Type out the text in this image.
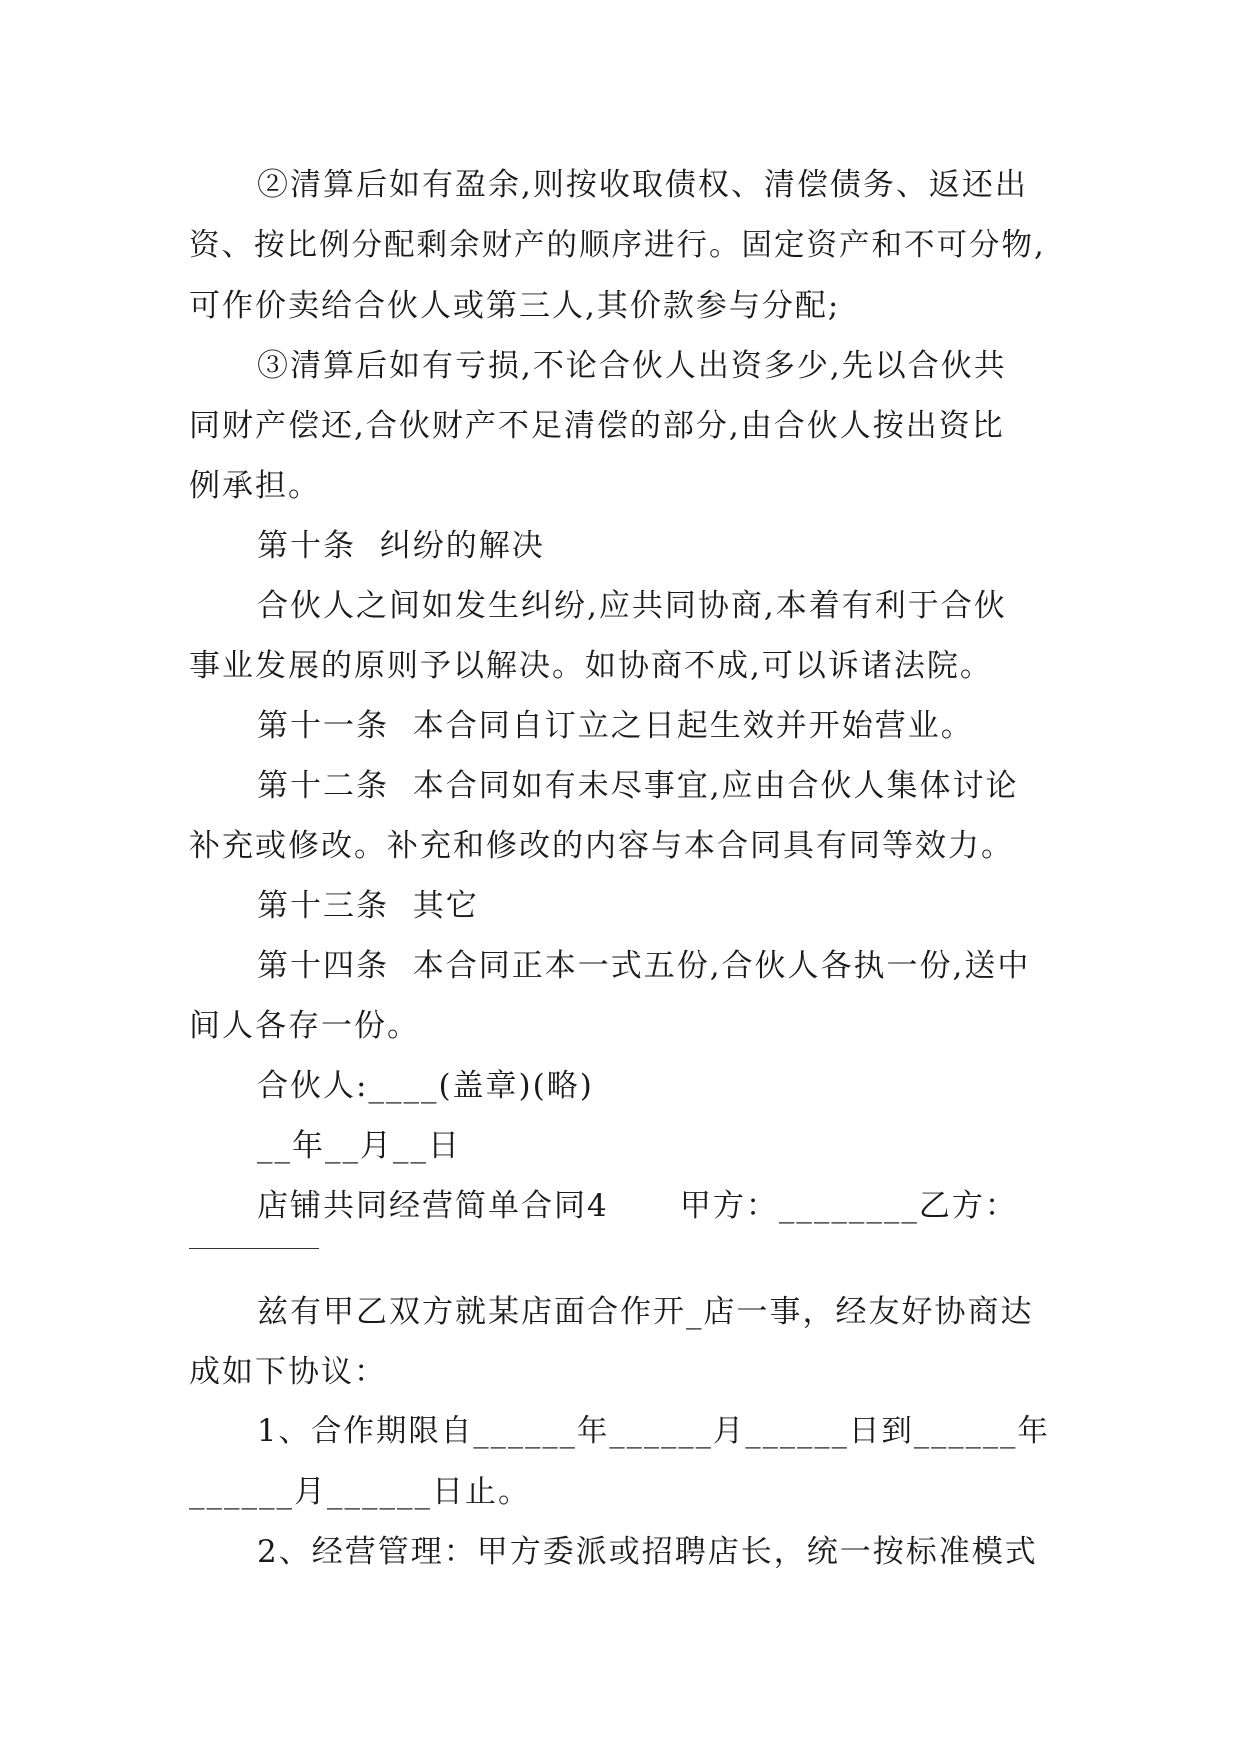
②清算后如有盈余,则按收取债权、清偿债务、返还出
资、按比例分配剩余财产的顺序进行。固定资产和不可分物,
可作价卖给合伙人或第三人,其价款参与分配;
③清算后如有亏损,不论合伙人出资多少,先以合伙共
同财产偿还,合伙财产不足清偿的部分,由合伙人按出资比
例承担。
第十条  纠纷的解决
合伙人之间如发生纠纷,应共同协商,本着有利于合伙
事业发展的原则予以解决。如协商不成,可以诉诸法院。
第十一条  本合同自订立之日起生效并开始营业。
第十二条  本合同如有未尽事宜,应由合伙人集体讨论
补充或修改。补充和修改的内容与本合同具有同等效力。
第十三条  其它
第十四条  本合同正本一式五份,合伙人各执一份,送中
间人各存一份。
合伙人:____(盖章)(略)
__年__月__日
店铺共同经营简单合同4      甲方：________乙方：
兹有甲乙双方就某店面合作开_店一事，经友好协商达
成如下协议：
1、合作期限自______年______月______日到______年
______月______日止。
2、经营管理：甲方委派或招聘店长，统一按标准模式
